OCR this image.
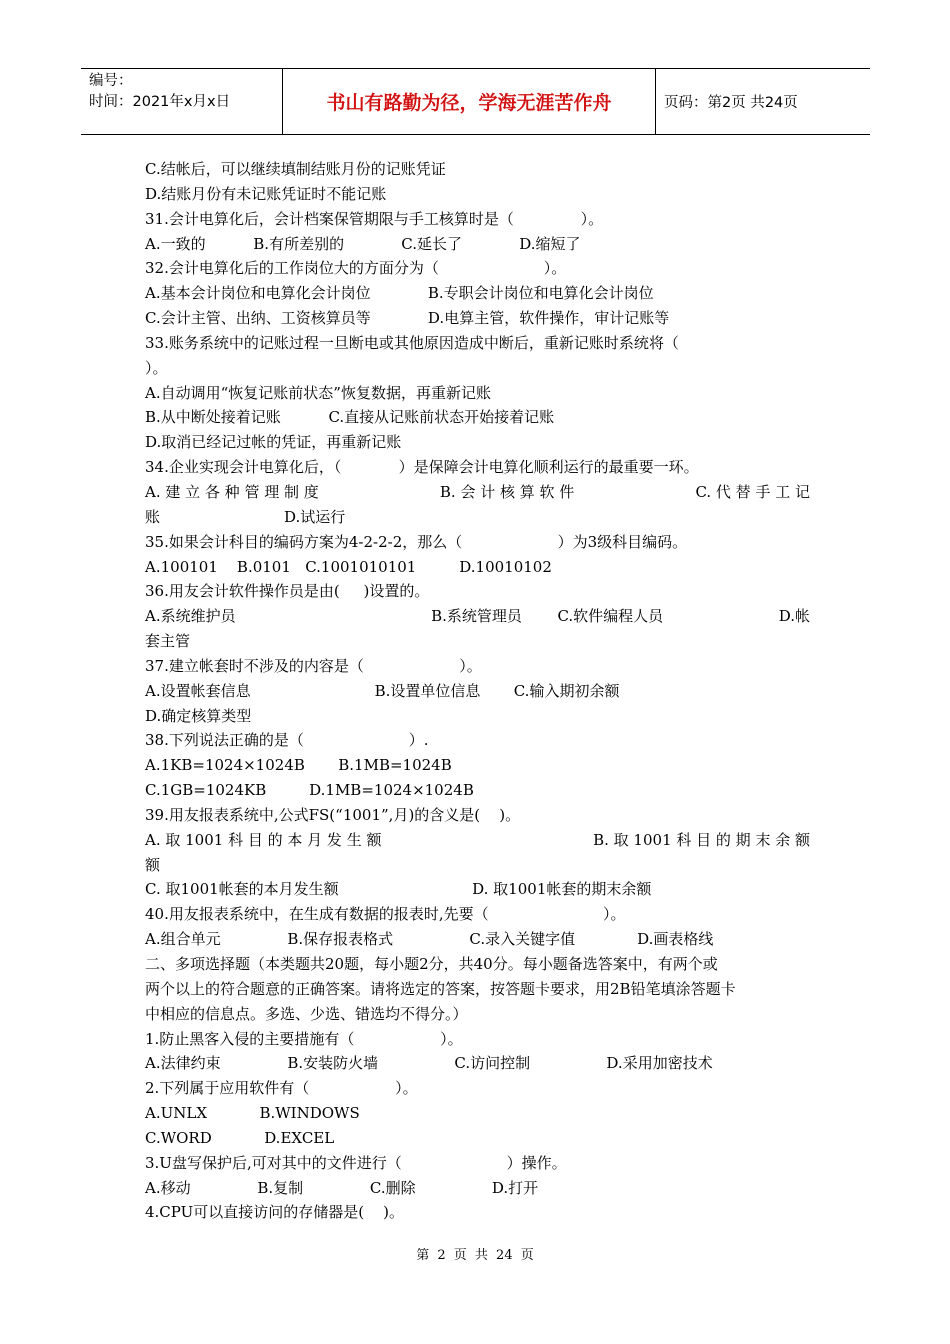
编号：
时间：2021年x月x日	书山有路勤为径，学海无涯苦作舟	页码：第2页 共24页
C.结帐后，可以继续填制结账月份的记账凭证
D.结账月份有未记账凭证时不能记账
31.会计电算化后，会计档案保管期限与手工核算时是（              ）。
A.一致的          B.有所差别的            C.延长了            D.缩短了
32.会计电算化后的工作岗位大的方面分为（                      ）。
A.基本会计岗位和电算化会计岗位            B.专职会计岗位和电算化会计岗位
C.会计主管、出纳、工资核算员等            D.电算主管，软件操作，审计记账等
33.账务系统中的记账过程一旦断电或其他原因造成中断后，重新记账时系统将（
）。
A.自动调用“恢复记账前状态”恢复数据，再重新记账
B.从中断处接着记账          C.直接从记账前状态开始接着记账
D.取消已经记过帐的凭证，再重新记账
34.企业实现会计电算化后，（            ）是保障会计电算化顺利运行的最重要一环。
A. 建 立 各 种 管 理 制 度	B. 会 计 核 算 软 件	C. 代 替 手 工 记
账                          D.试运行
35.如果会计科目的编码方案为4-2-2-2，那么（                    ）为3级科目编码。
A.100101    B.0101   C.1001010101         D.10010102
36.用友会计软件操作员是由(     )设置的。
A.系统维护员	B.系统管理员 C.软件编程人员	D.帐
套主管
37.建立帐套时不涉及的内容是（                    ）。
A.设置帐套信息                          B.设置单位信息       C.输入期初余额
D.确定核算类型
38.下列说法正确的是（                      ）.
A.1KB=1024×1024B       B.1MB=1024B
C.1GB=1024KB         D.1MB=1024×1024B
39.用友报表系统中,公式FS(“1001”,月)的含义是(    )。
A. 取 1001 科 目 的 本 月 发 生 额	B. 取 1001 科 目 的 期 末 余 额
额
C. 取1001帐套的本月发生额                            D. 取1001帐套的期末余额
40.用友报表系统中，在生成有数据的报表时,先要（                        ）。
A.组合单元              B.保存报表格式                C.录入关键字值             D.画表格线
二、多项选择题（本类题共20题，每小题2分，共40分。每小题备选答案中，有两个或
两个以上的符合题意的正确答案。请将选定的答案，按答题卡要求，用2B铅笔填涂答题卡
中相应的信息点。多选、少选、错选均不得分。）
1.防止黑客入侵的主要措施有（                  ）。
A.法律约束              B.安装防火墙                C.访问控制                D.采用加密技术
2.下列属于应用软件有（                  ）。
A.UNLX           B.WINDOWS
C.WORD           D.EXCEL
3.U盘写保护后,可对其中的文件进行（                      ）操作。
A.移动              B.复制              C.删除                D.打开
4.CPU可以直接访问的存储器是(    )。
第 2 页 共 24 页
